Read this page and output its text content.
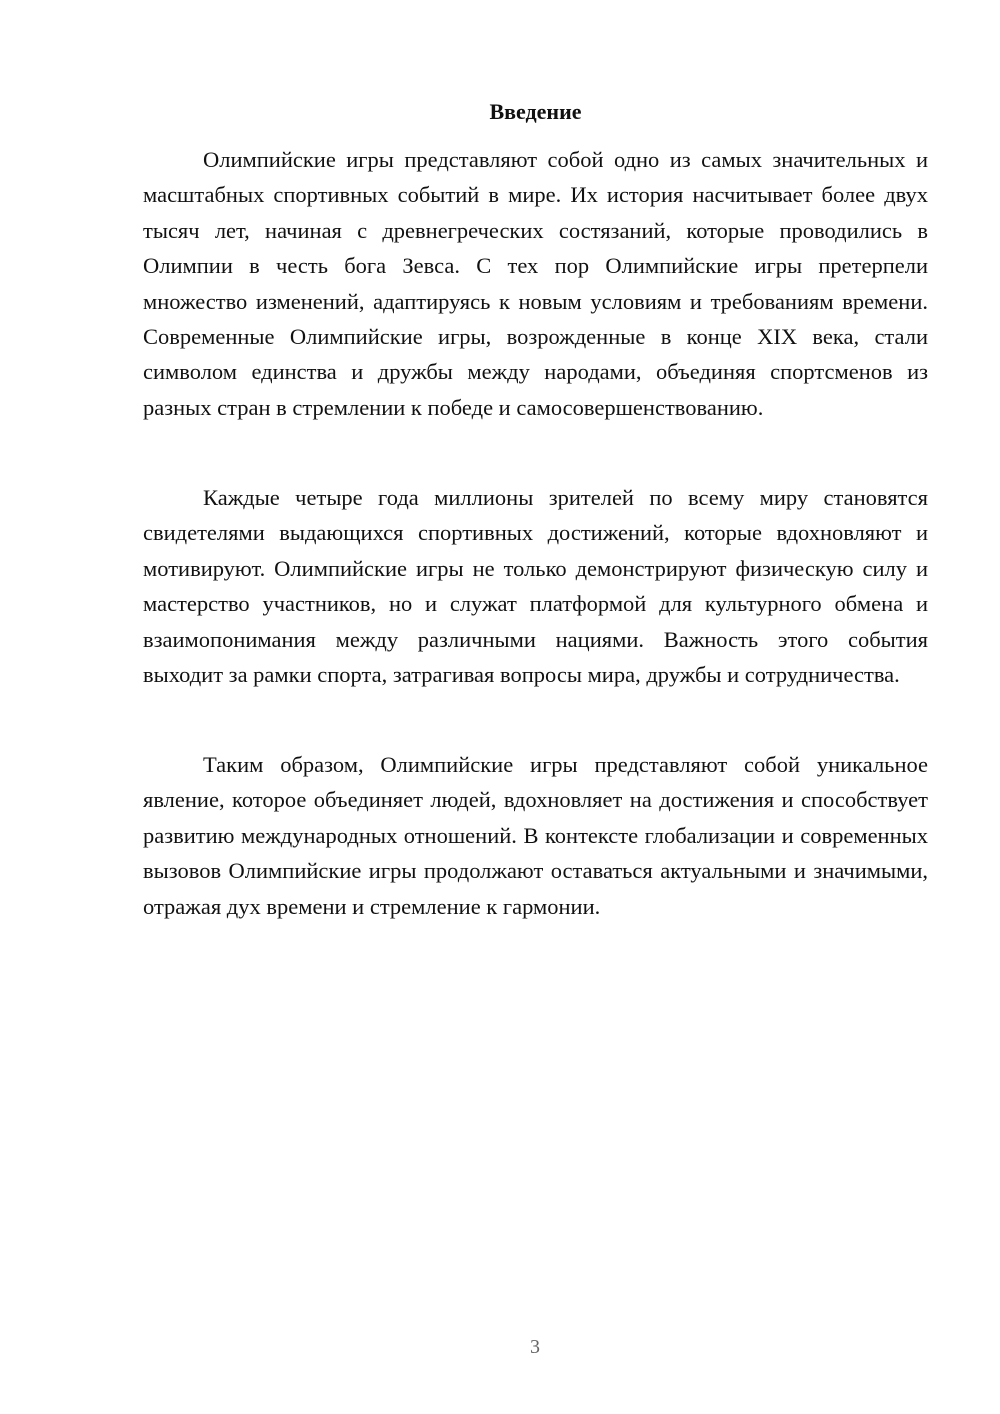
Введение

Олимпийские игры представляют собой одно из самых значительных и масштабных спортивных событий в мире. Их история насчитывает более двух тысяч лет, начиная с древнегреческих состязаний, которые проводились в Олимпии в честь бога Зевса. С тех пор Олимпийские игры претерпели множество изменений, адаптируясь к новым условиям и требованиям времени. Современные Олимпийские игры, возрожденные в конце XIX века, стали символом единства и дружбы между народами, объединяя спортсменов из разных стран в стремлении к победе и самосовершенствованию.

Каждые четыре года миллионы зрителей по всему миру становятся свидетелями выдающихся спортивных достижений, которые вдохновляют и мотивируют. Олимпийские игры не только демонстрируют физическую силу и мастерство участников, но и служат платформой для культурного обмена и взаимопонимания между различными нациями. Важность этого события выходит за рамки спорта, затрагивая вопросы мира, дружбы и сотрудничества.

Таким образом, Олимпийские игры представляют собой уникальное явление, которое объединяет людей, вдохновляет на достижения и способствует развитию международных отношений. В контексте глобализации и современных вызовов Олимпийские игры продолжают оставаться актуальными и значимыми, отражая дух времени и стремление к гармонии.

3
